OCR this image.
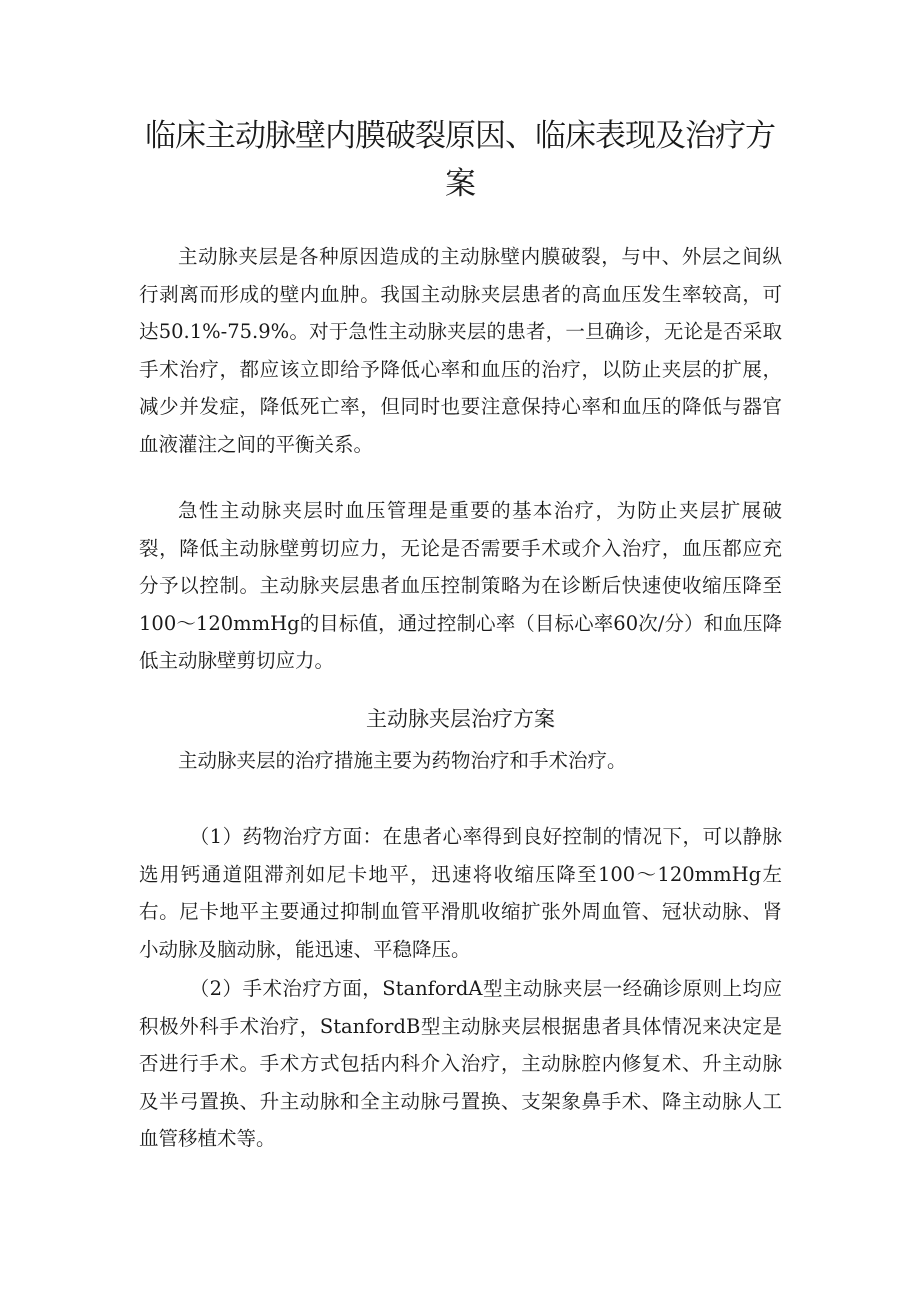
临床主动脉壁内膜破裂原因、临床表现及治疗方案

主动脉夹层是各种原因造成的主动脉壁内膜破裂，与中、外层之间纵行剥离而形成的壁内血肿。我国主动脉夹层患者的高血压发生率较高，可达50.1%-75.9%。对于急性主动脉夹层的患者，一旦确诊，无论是否采取手术治疗，都应该立即给予降低心率和血压的治疗，以防止夹层的扩展，减少并发症，降低死亡率，但同时也要注意保持心率和血压的降低与器官血液灌注之间的平衡关系。

急性主动脉夹层时血压管理是重要的基本治疗，为防止夹层扩展破裂，降低主动脉壁剪切应力，无论是否需要手术或介入治疗，血压都应充分予以控制。主动脉夹层患者血压控制策略为在诊断后快速使收缩压降至100～120mmHg的目标值，通过控制心率（目标心率60次/分）和血压降低主动脉壁剪切应力。

主动脉夹层治疗方案

主动脉夹层的治疗措施主要为药物治疗和手术治疗。

（1）药物治疗方面：在患者心率得到良好控制的情况下，可以静脉选用钙通道阻滞剂如尼卡地平，迅速将收缩压降至100～120mmHg左右。尼卡地平主要通过抑制血管平滑肌收缩扩张外周血管、冠状动脉、肾小动脉及脑动脉，能迅速、平稳降压。

（2）手术治疗方面，StanfordA型主动脉夹层一经确诊原则上均应积极外科手术治疗，StanfordB型主动脉夹层根据患者具体情况来决定是否进行手术。手术方式包括内科介入治疗，主动脉腔内修复术、升主动脉及半弓置换、升主动脉和全主动脉弓置换、支架象鼻手术、降主动脉人工血管移植术等。
